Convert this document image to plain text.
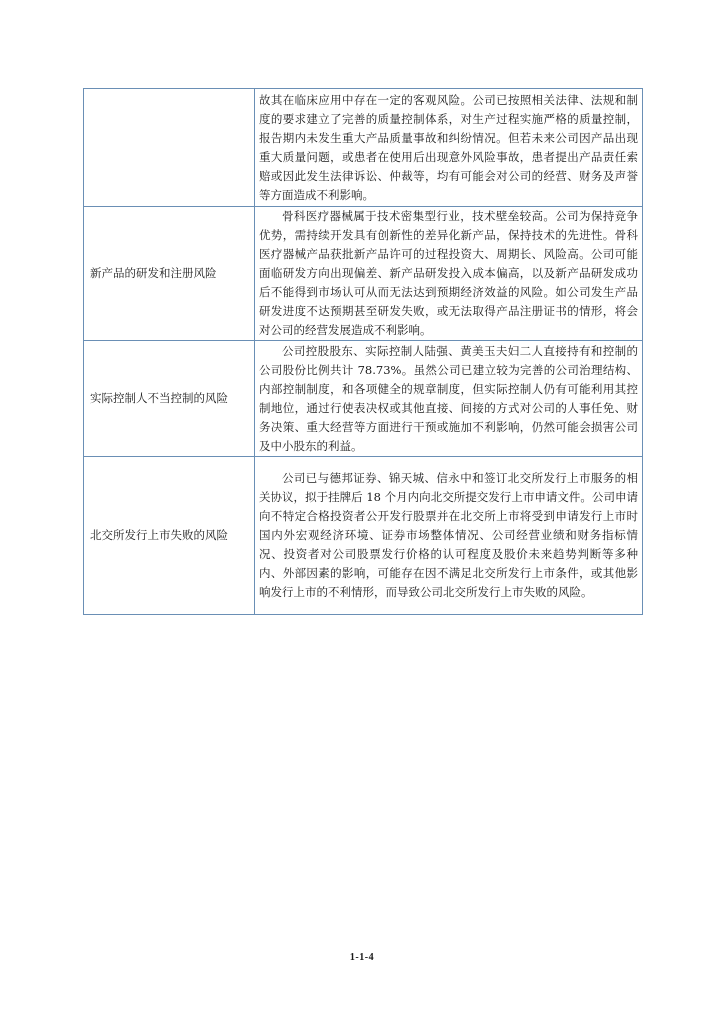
	故其在临床应用中存在一定的客观风险。公司已按照相关法律、法规和制度的要求建立了完善的质量控制体系，对生产过程实施严格的质量控制，报告期内未发生重大产品质量事故和纠纷情况。但若未来公司因产品出现重大质量问题，或患者在使用后出现意外风险事故，患者提出产品责任索赔或因此发生法律诉讼、仲裁等，均有可能会对公司的经营、财务及声誉等方面造成不利影响。

新产品的研发和注册风险	骨科医疗器械属于技术密集型行业，技术壁垒较高。公司为保持竞争优势，需持续开发具有创新性的差异化新产品，保持技术的先进性。骨科医疗器械产品获批新产品许可的过程投资大、周期长、风险高。公司可能面临研发方向出现偏差、新产品研发投入成本偏高，以及新产品研发成功后不能得到市场认可从而无法达到预期经济效益的风险。如公司发生产品研发进度不达预期甚至研发失败，或无法取得产品注册证书的情形，将会对公司的经营发展造成不利影响。

实际控制人不当控制的风险	公司控股股东、实际控制人陆强、黄美玉夫妇二人直接持有和控制的公司股份比例共计 78.73%。虽然公司已建立较为完善的公司治理结构、内部控制制度，和各项健全的规章制度，但实际控制人仍有可能利用其控制地位，通过行使表决权或其他直接、间接的方式对公司的人事任免、财务决策、重大经营等方面进行干预或施加不利影响，仍然可能会损害公司及中小股东的利益。

北交所发行上市失败的风险	公司已与德邦证券、锦天城、信永中和签订北交所发行上市服务的相关协议，拟于挂牌后 18 个月内向北交所提交发行上市申请文件。公司申请向不特定合格投资者公开发行股票并在北交所上市将受到申请发行上市时国内外宏观经济环境、证券市场整体情况、公司经营业绩和财务指标情况、投资者对公司股票发行价格的认可程度及股价未来趋势判断等多种内、外部因素的影响，可能存在因不满足北交所发行上市条件，或其他影响发行上市的不利情形，而导致公司北交所发行上市失败的风险。

1-1-4
